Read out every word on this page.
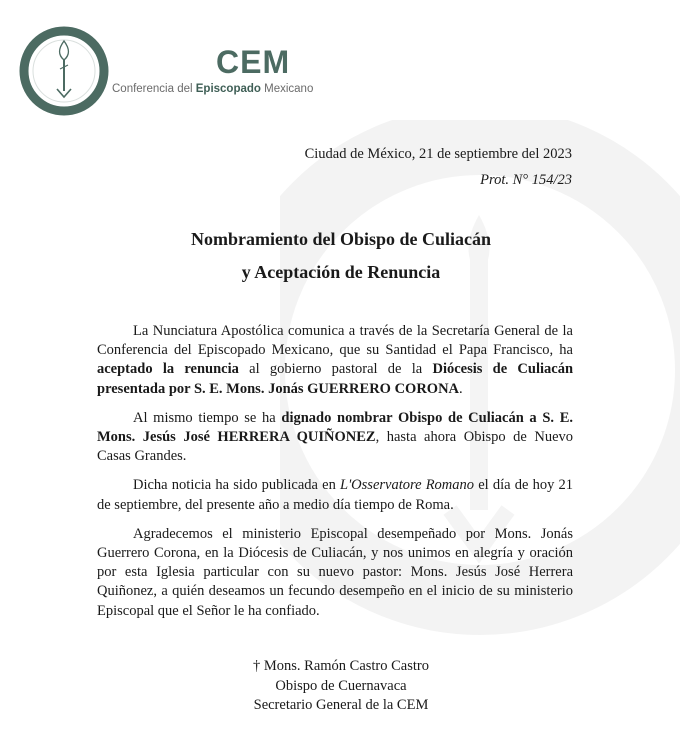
CEM
Conferencia del Episcopado Mexicano
Ciudad de México, 21 de septiembre del 2023
Prot. N° 154/23
Nombramiento del Obispo de Culiacán
y Aceptación de Renuncia

La Nunciatura Apostólica comunica a través de la Secretaría General de la Conferencia del Episcopado Mexicano, que su Santidad el Papa Francisco, ha aceptado la renuncia al gobierno pastoral de la Diócesis de Culiacán presentada por S. E. Mons. Jonás GUERRERO CORONA.

Al mismo tiempo se ha dignado nombrar Obispo de Culiacán a S. E. Mons. Jesús José HERRERA QUIÑONEZ, hasta ahora Obispo de Nuevo Casas Grandes.

Dicha noticia ha sido publicada en L'Osservatore Romano el día de hoy 21 de septiembre, del presente año a medio día tiempo de Roma.

Agradecemos el ministerio Episcopal desempeñado por Mons. Jonás Guerrero Corona, en la Diócesis de Culiacán, y nos unimos en alegría y oración por esta Iglesia particular con su nuevo pastor: Mons. Jesús José Herrera Quiñonez, a quién deseamos un fecundo desempeño en el inicio de su ministerio Episcopal que el Señor le ha confiado.

† Mons. Ramón Castro Castro
Obispo de Cuernavaca
Secretario General de la CEM
